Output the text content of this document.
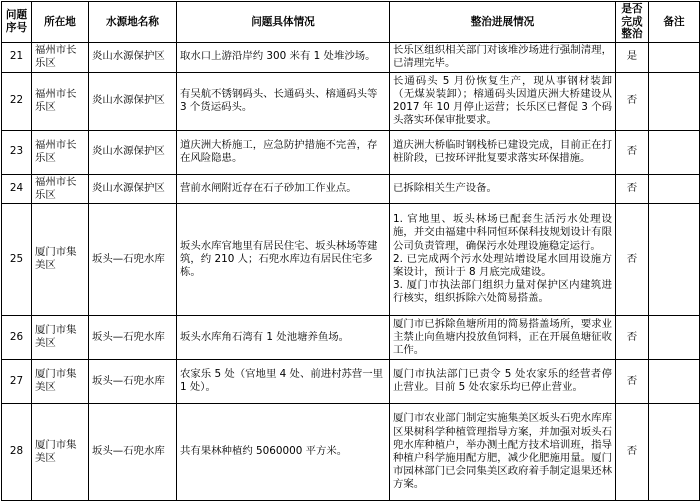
问题序号	所在地	水源地名称	问题具体情况	整治进展情况	是否完成整治	备注
21	福州市长乐区	炎山水源保护区	取水口上游沿岸约 300 米有 1 处堆沙场。	长乐区组织相关部门对该堆沙场进行强制清理，已清理完毕。	是	
22	福州市长乐区	炎山水源保护区	有吴航不锈钢码头、长通码头、榕通码头等 3 个货运码头。	长通码头 5 月份恢复生产，现从事钢材装卸（无煤炭装卸）；榕通码头因道庆洲大桥建设从 2017 年 10 月停止运营；长乐区已督促 3 个码头落实环保审批要求。	否	
23	福州市长乐区	炎山水源保护区	道庆洲大桥施工，应急防护措施不完善，存在风险隐患。	道庆洲大桥临时钢栈桥已建设完成，目前正在打桩阶段，已按环评批复要求落实环保措施。	否	
24	福州市长乐区	炎山水源保护区	营前水闸附近存在石子砂加工作业点。	已拆除相关生产设备。	否	
25	厦门市集美区	坂头—石兜水库	坂头水库官地里有居民住宅、坂头林场等建筑，约 210 人；石兜水库边有居民住宅多栋。	1. 官地里、坂头林场已配套生活污水处理设施，并交由福建中科同恒环保科技规划设计有限公司负责管理，确保污水处理设施稳定运行。
2. 已完成两个污水处理站增设尾水回用设施方案设计，预计于 8 月底完成建设。
3. 厦门市执法部门组织力量对保护区内建筑进行核实，组织拆除六处简易搭盖。	否	
26	厦门市集美区	坂头—石兜水库	坂头水库角石湾有 1 处池塘养鱼场。	厦门市已拆除鱼塘所用的简易搭盖场所，要求业主禁止向鱼塘内投放鱼饲料，正在开展鱼塘征收工作。	否	
27	厦门市集美区	坂头—石兜水库	农家乐 5 处（官地里 4 处、前进村苏营一里 1 处）。	厦门市执法部门已责令 5 处农家乐的经营者停止营业。目前 5 处农家乐均已停止营业。	否	
28	厦门市集美区	坂头—石兜水库	共有果林种植约 5060000 平方米。	厦门市农业部门制定实施集美区坂头石兜水库库区果树科学种植管理指导方案，并加强对坂头石兜水库种植户，举办测土配方技术培训班，指导种植户科学施用配方肥，减少化肥施用量。厦门市园林部门已会同集美区政府着手制定退果还林方案。	否	
